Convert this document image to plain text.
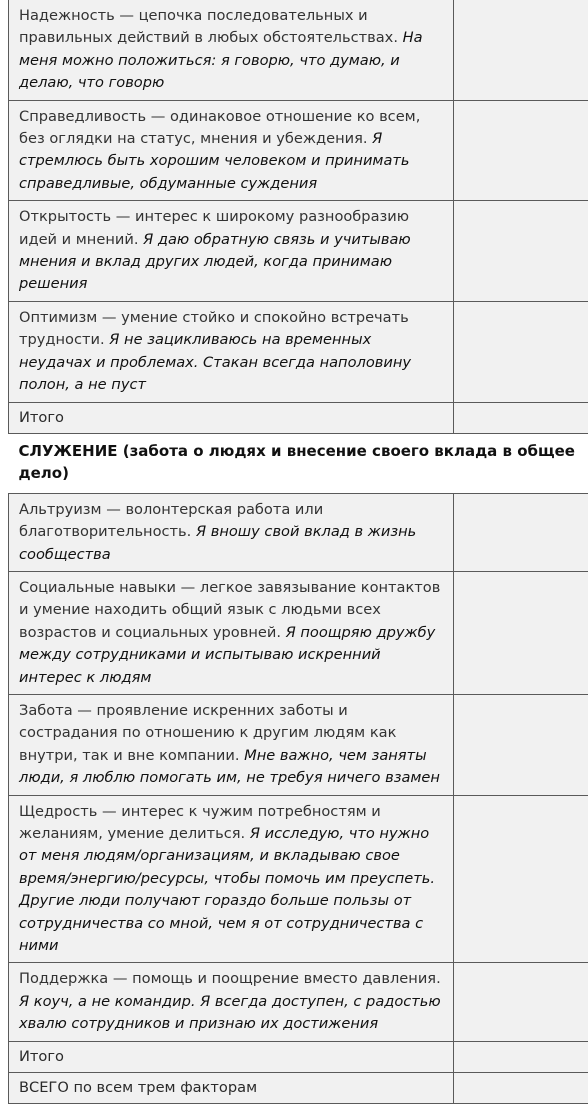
Надежность — цепочка последовательных и правильных действий в любых обстоятельствах. На меня можно положиться: я говорю, что думаю, и делаю, что говорю	
Справедливость — одинаковое отношение ко всем, без оглядки на статус, мнения и убеждения. Я стремлюсь быть хорошим человеком и принимать справедливые, обдуманные суждения	
Открытость — интерес к широкому разнообразию идей и мнений. Я даю обратную связь и учитываю мнения и вклад других людей, когда принимаю решения	
Оптимизм — умение стойко и спокойно встречать трудности. Я не зацикливаюсь на временных неудачах и проблемах. Стакан всегда наполовину полон, а не пуст	
Итого	
СЛУЖЕНИЕ (забота о людях и внесение своего вклада в общее дело)	
Альтруизм — волонтерская работа или благотворительность. Я вношу свой вклад в жизнь сообщества	
Социальные навыки — легкое завязывание контактов и умение находить общий язык с людьми всех возрастов и социальных уровней. Я поощряю дружбу между сотрудниками и испытываю искренний интерес к людям	
Забота — проявление искренних заботы и сострадания по отношению к другим людям как внутри, так и вне компании. Мне важно, чем заняты люди, я люблю помогать им, не требуя ничего взамен	
Щедрость — интерес к чужим потребностям и желаниям, умение делиться. Я исследую, что нужно от меня людям/организациям, и вкладываю свое время/энергию/ресурсы, чтобы помочь им преуспеть. Другие люди получают гораздо больше пользы от сотрудничества со мной, чем я от сотрудничества с ними	
Поддержка — помощь и поощрение вместо давления. Я коуч, а не командир. Я всегда доступен, с радостью хвалю сотрудников и признаю их достижения	
Итого	
ВСЕГО по всем трем факторам	
